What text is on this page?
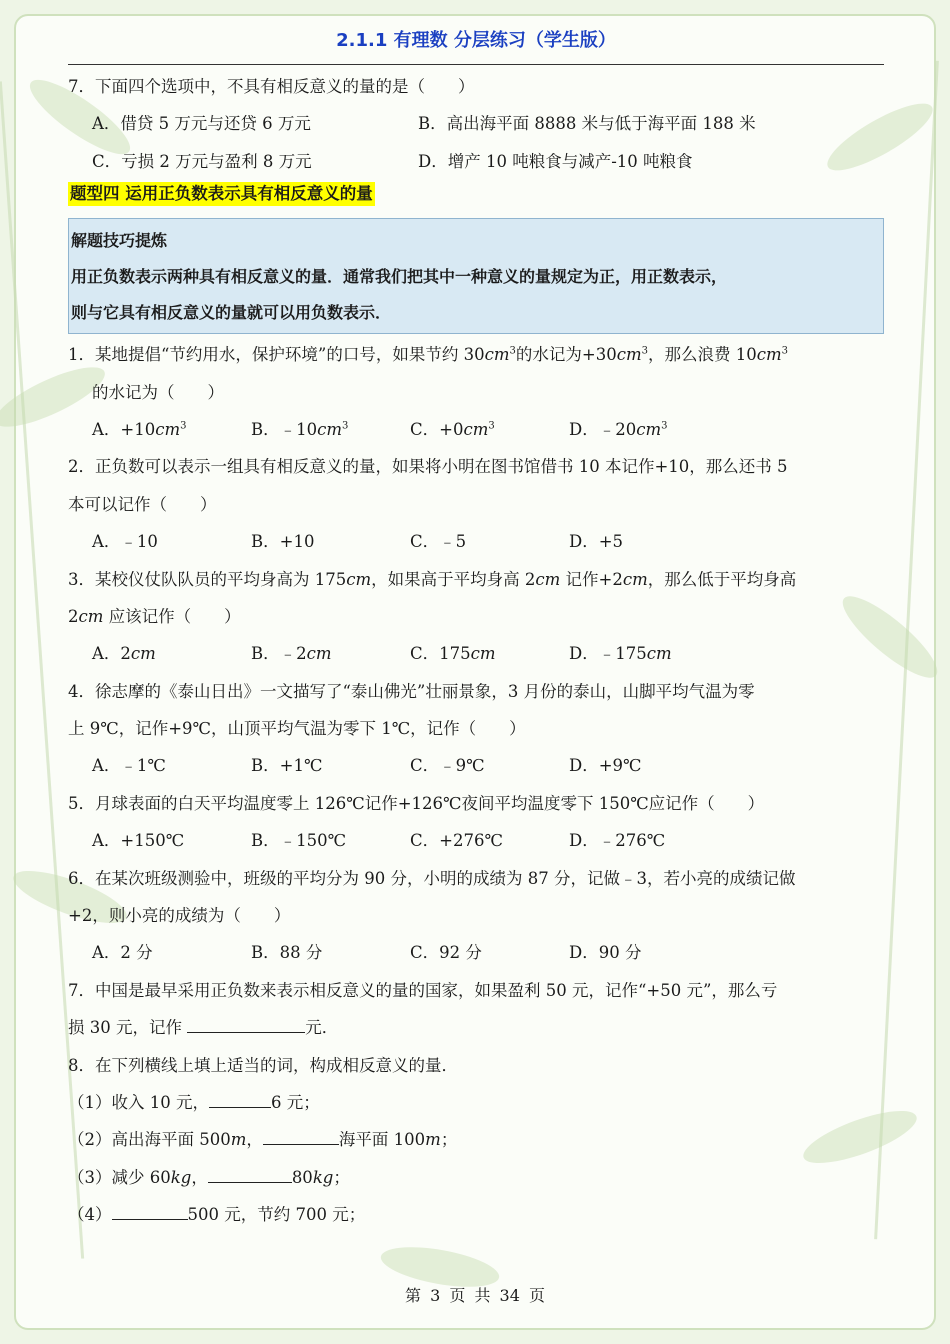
2.1.1 有理数 分层练习（学生版）
7．下面四个选项中，不具有相反意义的量的是（　　）
A．借贷 5 万元与还贷 6 万元	B．高出海平面 8888 米与低于海平面 188 米
C．亏损 2 万元与盈利 8 万元	D．增产 10 吨粮食与减产-10 吨粮食
题型四 运用正负数表示具有相反意义的量
解题技巧提炼
用正负数表示两种具有相反意义的量．通常我们把其中一种意义的量规定为正，用正数表示，
则与它具有相反意义的量就可以用负数表示．
1．某地提倡“节约用水，保护环境”的口号，如果节约 $30cm^3$的水记为$+30cm^3$，那么浪费 $10cm^3$
的水记为（　　）
A．$+10cm^3$	B．$﹣10cm^3$	C．$+0cm^3$	D．$﹣20cm^3$
2．正负数可以表示一组具有相反意义的量，如果将小明在图书馆借书 10 本记作+10，那么还书 5
本可以记作（　　）
A．﹣10	B．+10	C．﹣5	D．+5
3．某校仪仗队队员的平均身高为 175cm，如果高于平均身高 2cm 记作+2cm，那么低于平均身高
2cm 应该记作（　　）
A．2cm	B．﹣2cm	C．175cm	D．﹣175cm
4．徐志摩的《泰山日出》一文描写了“泰山佛光”壮丽景象，3 月份的泰山，山脚平均气温为零
上 9℃，记作+9℃，山顶平均气温为零下 1℃，记作（　　）
A．﹣1℃	B．+1℃	C．﹣9℃	D．+9℃
5．月球表面的白天平均温度零上 126℃记作+126℃夜间平均温度零下 150℃应记作（　　）
A．+150℃	B．﹣150℃	C．+276℃	D．﹣276℃
6．在某次班级测验中，班级的平均分为 90 分，小明的成绩为 87 分，记做﹣3，若小亮的成绩记做
+2，则小亮的成绩为（　　）
A．2 分	B．88 分	C．92 分	D．90 分
7．中国是最早采用正负数来表示相反意义的量的国家，如果盈利 50 元，记作“+50 元”，那么亏
损 30 元，记作	元．
8．在下列横线上填上适当的词，构成相反意义的量．
（1）收入 10 元，	6 元；
（2）高出海平面 500m，	海平面 100m；
（3）减少 60kg，	80kg；
（4）	500 元，节约 700 元；
第 3 页 共 34 页
